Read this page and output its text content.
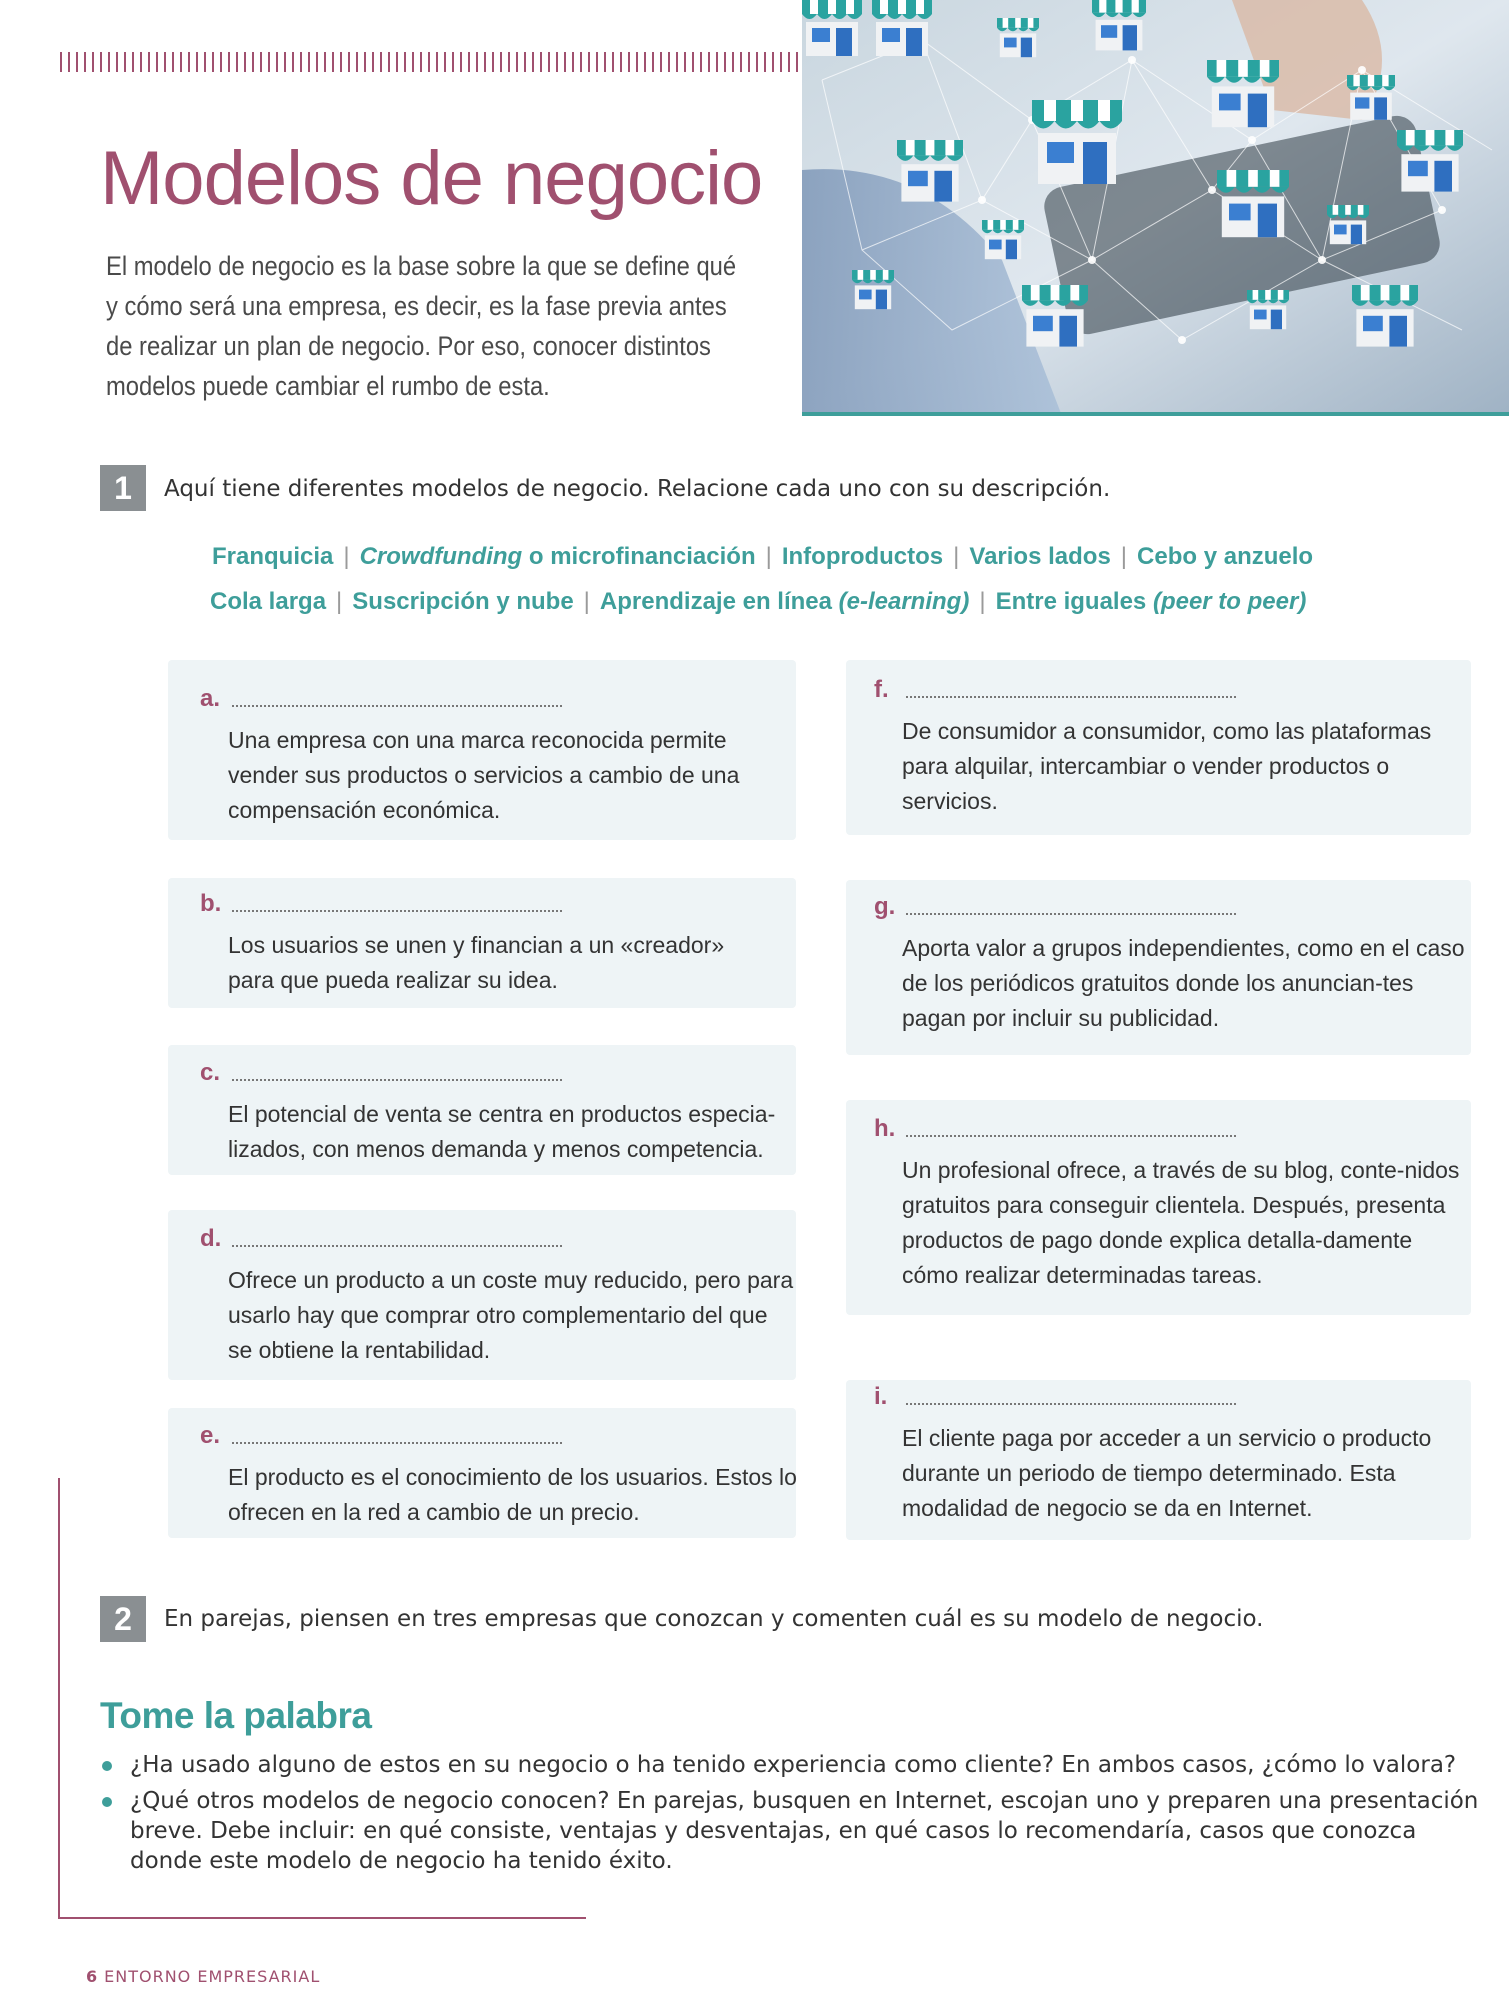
Modelos de negocio

El modelo de negocio es la base sobre la que se define qué y cómo será una empresa, es decir, es la fase previa antes de realizar un plan de negocio. Por eso, conocer distintos modelos puede cambiar el rumbo de esta.

1	Aquí tiene diferentes modelos de negocio. Relacione cada uno con su descripción.

Franquicia | Crowdfunding o microfinanciación | Infoproductos | Varios lados | Cebo y anzuelo
Cola larga | Suscripción y nube | Aprendizaje en línea (e-learning) | Entre iguales (peer to peer)
a.

Una empresa con una marca reconocida permite vender sus productos o servicios a cambio de una compensación económica.

b.

Los usuarios se unen y financian a un «creador» para que pueda realizar su idea.

c.

El potencial de venta se centra en productos especia-lizados, con menos demanda y menos competencia.

d.

Ofrece un producto a un coste muy reducido, pero para usarlo hay que comprar otro complementario del que se obtiene la rentabilidad.

e.

El producto es el conocimiento de los usuarios. Estos lo ofrecen en la red a cambio de un precio.

f.

De consumidor a consumidor, como las plataformas para alquilar, intercambiar o vender productos o servicios.

g.

Aporta valor a grupos independientes, como en el caso de los periódicos gratuitos donde los anuncian-tes pagan por incluir su publicidad.

h.

Un profesional ofrece, a través de su blog, conte-nidos gratuitos para conseguir clientela. Después, presenta productos de pago donde explica detalla-damente cómo realizar determinadas tareas.

i.

El cliente paga por acceder a un servicio o producto durante un periodo de tiempo determinado. Esta modalidad de negocio se da en Internet.

2	En parejas, piensen en tres empresas que conozcan y comenten cuál es su modelo de negocio.

Tome la palabra
¿Ha usado alguno de estos en su negocio o ha tenido experiencia como cliente? En ambos casos, ¿cómo lo valora?
¿Qué otros modelos de negocio conocen? En parejas, busquen en Internet, escojan uno y preparen una presentación breve. Debe incluir: en qué consiste, ventajas y desventajas, en qué casos lo recomendaría, casos que conozca donde este modelo de negocio ha tenido éxito.

6 ENTORNO EMPRESARIAL
